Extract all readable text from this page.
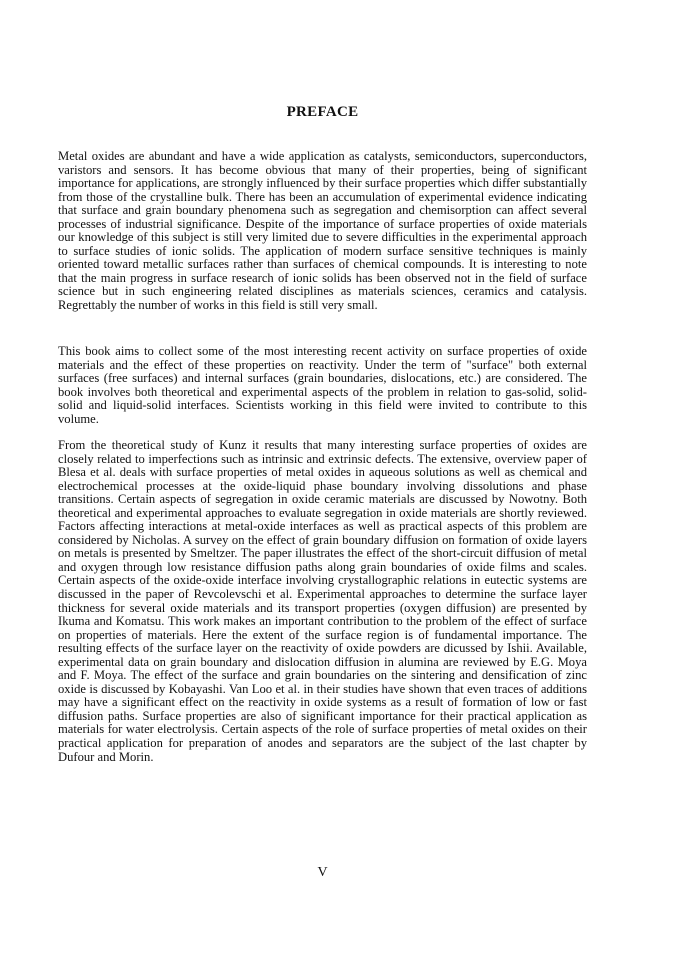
PREFACE

Metal oxides are abundant and have a wide application as catalysts, semiconductors, superconductors, varistors and sensors. It has become obvious that many of their properties, being of significant importance for applications, are strongly influenced by their surface properties which differ substantially from those of the crystalline bulk. There has been an accumulation of experimental evidence indicating that surface and grain boundary phenomena such as segregation and chemisorption can affect several processes of industrial significance. Despite of the importance of surface properties of oxide materials our knowledge of this subject is still very limited due to severe difficulties in the experimental approach to surface studies of ionic solids. The application of modern surface sensitive techniques is mainly oriented toward metallic surfaces rather than surfaces of chemical compounds. It is interesting to note that the main progress in surface research of ionic solids has been observed not in the field of surface science but in such engineering related disciplines as materials sciences, ceramics and catalysis. Regrettably the number of works in this field is still very small.

This book aims to collect some of the most interesting recent activity on surface properties of oxide materials and the effect of these properties on reactivity. Under the term of "surface" both external surfaces (free surfaces) and internal surfaces (grain boundaries, dislocations, etc.) are considered. The book involves both theoretical and experimental aspects of the problem in relation to gas-solid, solid-solid and liquid-solid interfaces. Scientists working in this field were invited to contribute to this volume.

From the theoretical study of Kunz it results that many interesting surface properties of oxides are closely related to imperfections such as intrinsic and extrinsic defects. The extensive, overview paper of Blesa et al. deals with surface properties of metal oxides in aqueous solutions as well as chemical and electrochemical processes at the oxide-liquid phase boundary involving dissolutions and phase transitions. Certain aspects of segregation in oxide ceramic materials are discussed by Nowotny. Both theoretical and experimental approaches to evaluate segregation in oxide materials are shortly reviewed. Factors affecting interactions at metal-oxide interfaces as well as practical aspects of this problem are considered by Nicholas. A survey on the effect of grain boundary diffusion on formation of oxide layers on metals is presented by Smeltzer. The paper illustrates the effect of the short-circuit diffusion of metal and oxygen through low resistance diffusion paths along grain boundaries of oxide films and scales. Certain aspects of the oxide-oxide interface involving crystallographic relations in eutectic systems are discussed in the paper of Revcolevschi et al. Experimental approaches to determine the surface layer thickness for several oxide materials and its transport properties (oxygen diffusion) are presented by Ikuma and Komatsu. This work makes an important contribution to the problem of the effect of surface on properties of materials. Here the extent of the surface region is of fundamental importance. The resulting effects of the surface layer on the reactivity of oxide powders are dicussed by Ishii. Available, experimental data on grain boundary and dislocation diffusion in alumina are reviewed by E.G. Moya and F. Moya. The effect of the surface and grain boundaries on the sintering and densification of zinc oxide is discussed by Kobayashi. Van Loo et al. in their studies have shown that even traces of additions may have a significant effect on the reactivity in oxide systems as a result of formation of low or fast diffusion paths. Surface properties are also of significant importance for their practical application as materials for water electrolysis. Certain aspects of the role of surface properties of metal oxides on their practical application for preparation of anodes and separators are the subject of the last chapter by Dufour and Morin.

V
